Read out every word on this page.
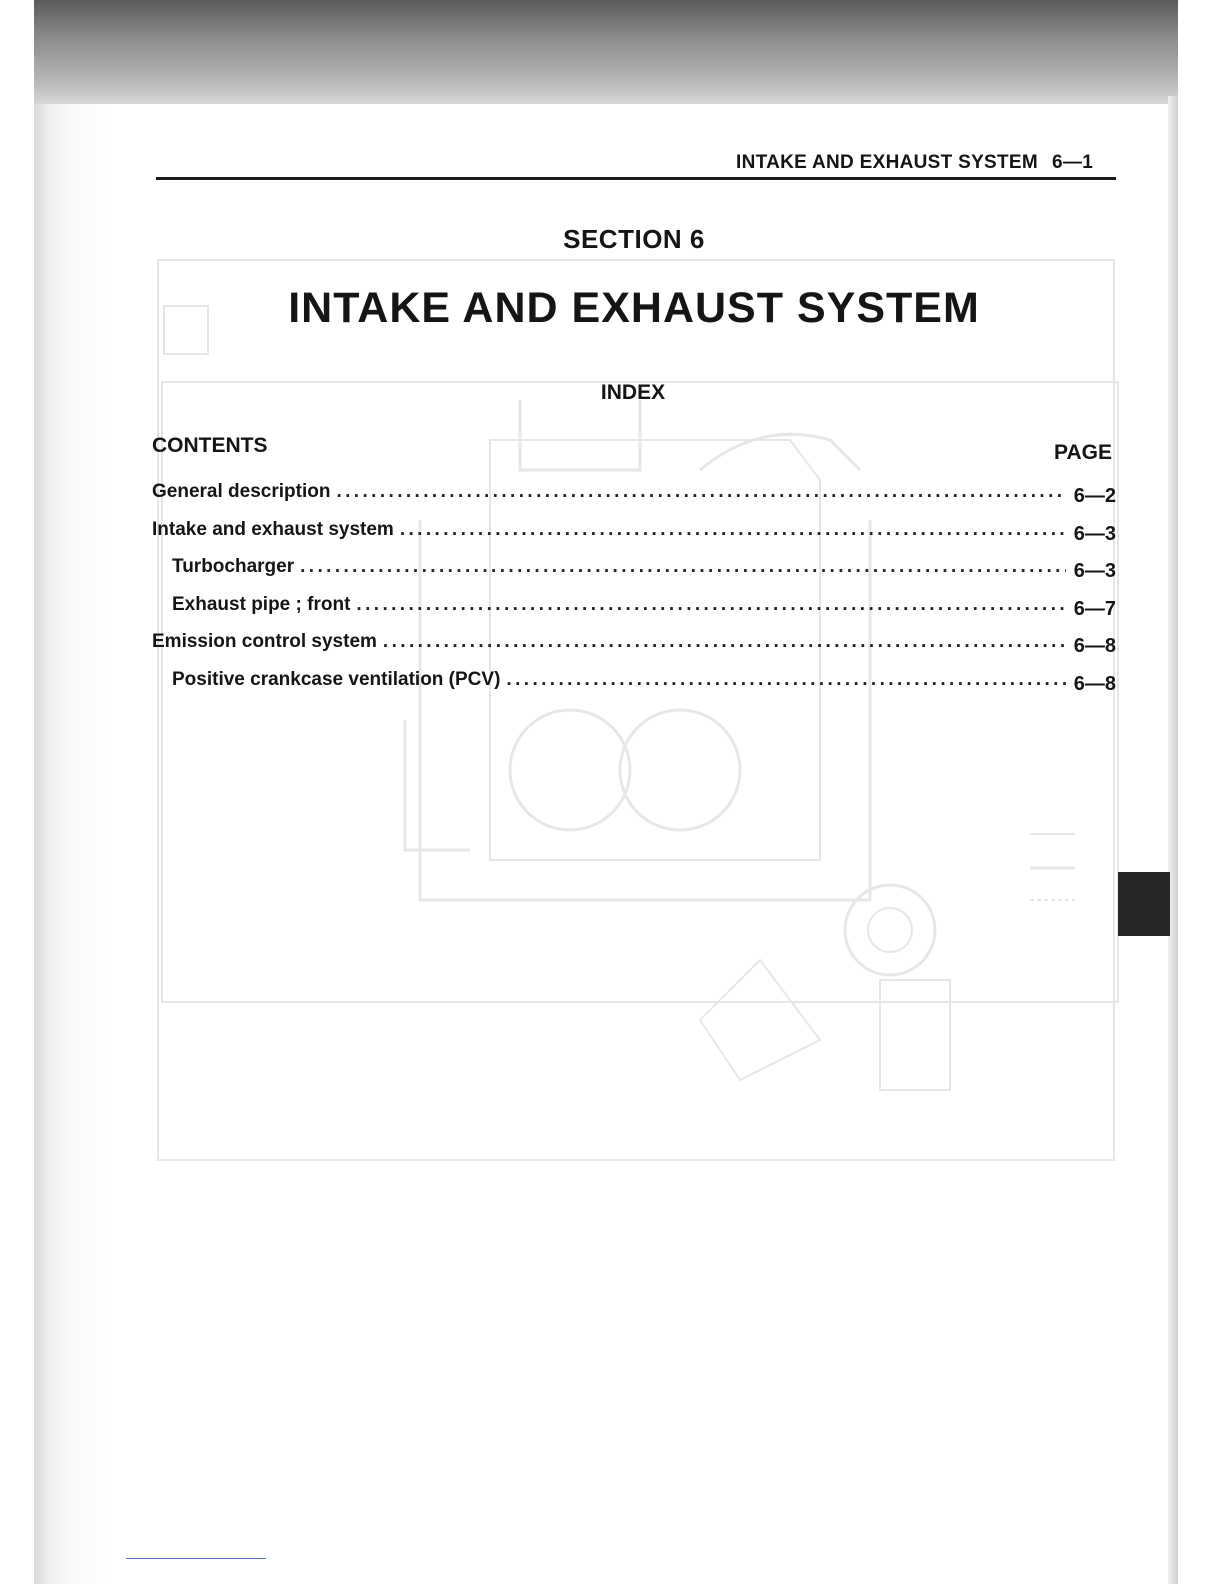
INTAKE AND EXHAUST SYSTEM 6—1
SECTION 6
INTAKE AND EXHAUST SYSTEM
INDEX
CONTENTS	PAGE
General description .....	6—2
Intake and exhaust system .....	6—3
Turbocharger .....	6—3
Exhaust pipe ; front .....	6—7
Emission control system .....	6—8
Positive crankcase ventilation (PCV) .....	6—8
